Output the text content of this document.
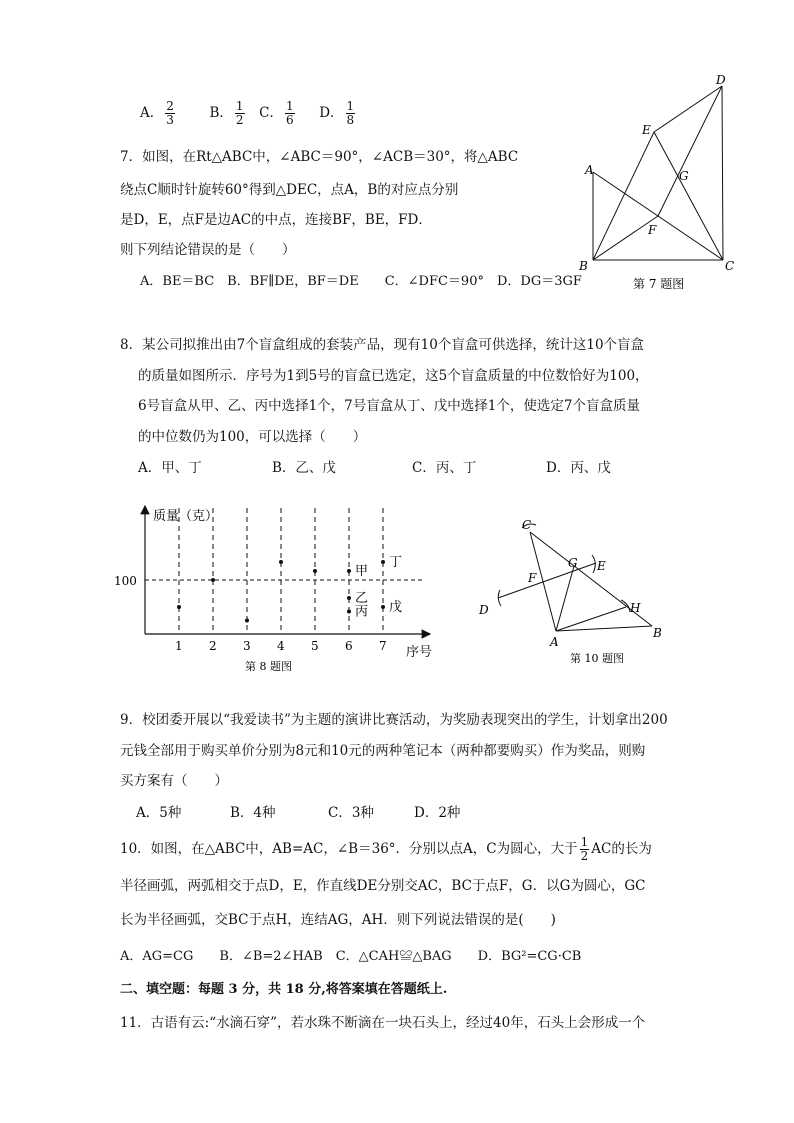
A． $\frac{2}{3}$	B． $\frac{1}{2}$ C． $\frac{1}{6}$ D． $\frac{1}{8}$
7．如图，在Rt△ABC中，∠ABC＝90°，∠ACB＝30°，将△ABC
绕点C顺时针旋转60°得到△DEC，点A，B的对应点分别
是D，E，点F是边AC的中点，连接BF，BE，FD．
则下列结论错误的是（　　）
A．BE＝BC　B．BF∥DE，BF＝DE　　C．∠DFC＝90°　D．DG＝3GF
D
E
A	G
F
B	C
第 7 题图
8．某公司拟推出由7个盲盒组成的套装产品，现有10个盲盒可供选择，统计这10个盲盒
的质量如图所示．序号为1到5号的盲盒已选定，这5个盲盒质量的中位数恰好为100，
6号盲盒从甲、乙、丙中选择1个，7号盲盒从丁、戊中选择1个，使选定7个盲盒质量
的中位数仍为100，可以选择（　　）
A．甲、丁	B．乙、戊	C．丙、丁	D．丙、戊
质量（克）
序号
100
1 2 3 4 5 6 7
甲
乙
丙
丁
戊
第 8 题图
C
G E
F
D	H
A
B
第 10 题图
9．校团委开展以“我爱读书”为主题的演讲比赛活动，为奖励表现突出的学生，计划拿出200
元钱全部用于购买单价分别为8元和10元的两种笔记本（两种都要购买）作为奖品，则购
买方案有（　　）
A．5种	B．4种	C．3种	D．2种
10．如图，在△ABC中，AB=AC，∠B＝36°．分别以点A，C为圆心，大于 $\frac{1}{2}$ AC的长为
半径画弧，两弧相交于点D，E，作直线DE分别交AC，BC于点F，G．以G为圆心，GC
长为半径画弧，交BC于点H，连结AG，AH．则下列说法错误的是(　　)
A．AG=CG　　B．∠B=2∠HAB　C．△CAH≌△BAG　　D．BG²=CG·CB
二、填空题：每题 3 分，共 18 分,将答案填在答题纸上.
11．古语有云:“水滴石穿”，若水珠不断滴在一块石头上，经过40年，石头上会形成一个
